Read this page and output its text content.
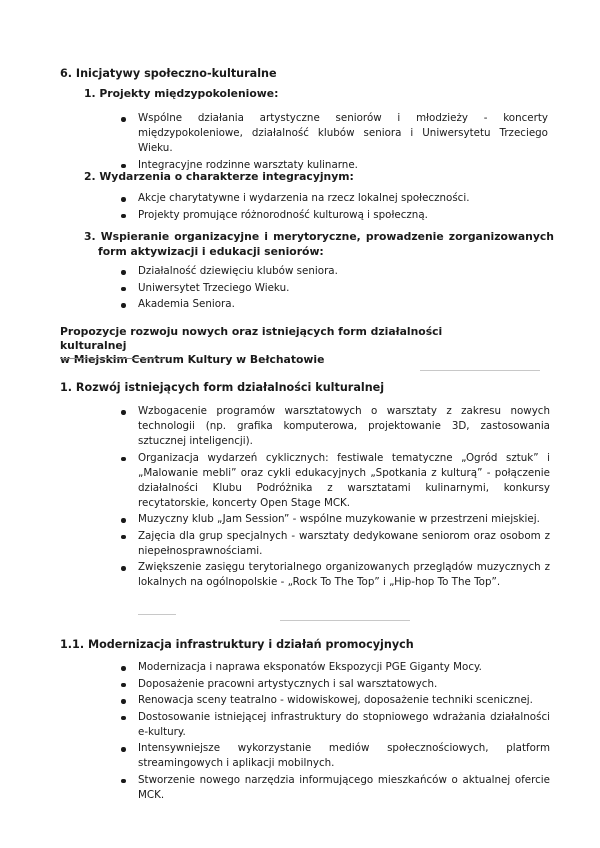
6. Inicjatywy społeczno-kulturalne
1. Projekty międzypokoleniowe:
Wspólne działania artystyczne seniorów i młodzieży - koncerty międzypokoleniowe, działalność klubów seniora i Uniwersytetu Trzeciego Wieku.
Integracyjne rodzinne warsztaty kulinarne.
2. Wydarzenia o charakterze integracyjnym:
Akcje charytatywne i wydarzenia na rzecz lokalnej społeczności.
Projekty promujące różnorodność kulturową i społeczną.
3. Wspieranie organizacyjne i merytoryczne, prowadzenie zorganizowanych
form aktywizacji i edukacji seniorów:
Działalność dziewięciu klubów seniora.
Uniwersytet Trzeciego Wieku.
Akademia Seniora.
Propozycje rozwoju nowych oraz istniejących form działalności kulturalnej
w Miejskim Centrum Kultury w Bełchatowie
1. Rozwój istniejących form działalności kulturalnej
Wzbogacenie programów warsztatowych o warsztaty z zakresu nowych technologii (np. grafika komputerowa, projektowanie 3D, zastosowania sztucznej inteligencji).
Organizacja wydarzeń cyklicznych: festiwale tematyczne „Ogród sztuk” i „Malowanie mebli” oraz cykli edukacyjnych „Spotkania z kulturą” - połączenie działalności Klubu Podróżnika z warsztatami kulinarnymi, konkursy recytatorskie, koncerty Open Stage MCK.
Muzyczny klub „Jam Session” - wspólne muzykowanie w przestrzeni miejskiej.
Zajęcia dla grup specjalnych - warsztaty dedykowane seniorom oraz osobom z niepełnosprawnościami.
Zwiększenie zasięgu terytorialnego organizowanych przeglądów muzycznych z lokalnych na ogólnopolskie - „Rock To The Top” i „Hip-hop To The Top”.
1.1. Modernizacja infrastruktury i działań promocyjnych
Modernizacja i naprawa eksponatów Ekspozycji PGE Giganty Mocy.
Doposażenie pracowni artystycznych i sal warsztatowych.
Renowacja sceny teatralno - widowiskowej, doposażenie techniki scenicznej.
Dostosowanie istniejącej infrastruktury do stopniowego wdrażania działalności e-kultury.
Intensywniejsze wykorzystanie mediów społecznościowych, platform streamingowych i aplikacji mobilnych.
Stworzenie nowego narzędzia informującego mieszkańców o aktualnej ofercie MCK.
